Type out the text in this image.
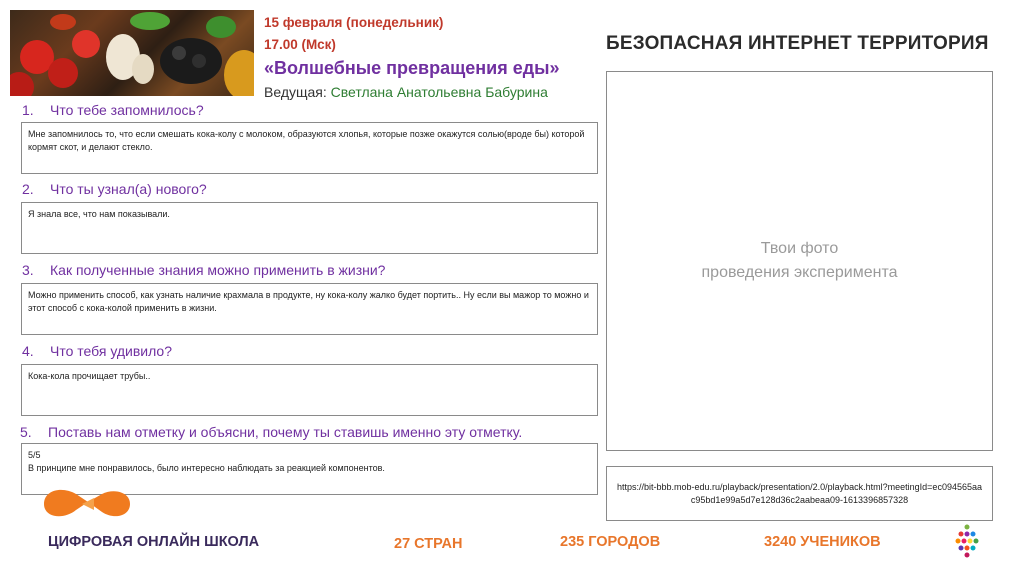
15 февраля (понедельник)
17.00 (Мск)
«Волшебные превращения еды»
Ведущая: Светлана Анатольевна Бабурина
БЕЗОПАСНАЯ ИНТЕРНЕТ ТЕРРИТОРИЯ
1. Что тебе запомнилось?
Мне запомнилось то, что если смешать кока-колу с молоком, образуются хлопья, которые позже окажутся солью(вроде бы) которой кормят скот, и делают стекло.
2. Что ты узнал(а) нового?
Я знала все, что нам показывали.
3. Как полученные знания можно применить в жизни?
Можно применить способ, как узнать наличие крахмала в продукте, ну кока-колу жалко будет портить.. Ну если вы мажор то можно и этот способ с кока-колой применить в жизни.
4. Что тебя удивило?
Кока-кола прочищает трубы..
5. Поставь нам отметку и объясни, почему ты ставишь именно эту отметку.
5/5
В принципе мне понравилось, было интересно наблюдать за реакцией компонентов.
Твои фото
проведения эксперимента
https://bit-bbb.mob-edu.ru/playback/presentation/2.0/playback.html?meetingId=ec094565aac95bd1e99a5d7e128d36c2aabeaa09-1613396857328
ЦИФРОВАЯ ОНЛАЙН ШКОЛА	27 СТРАН	235 ГОРОДОВ	3240 УЧЕНИКОВ
